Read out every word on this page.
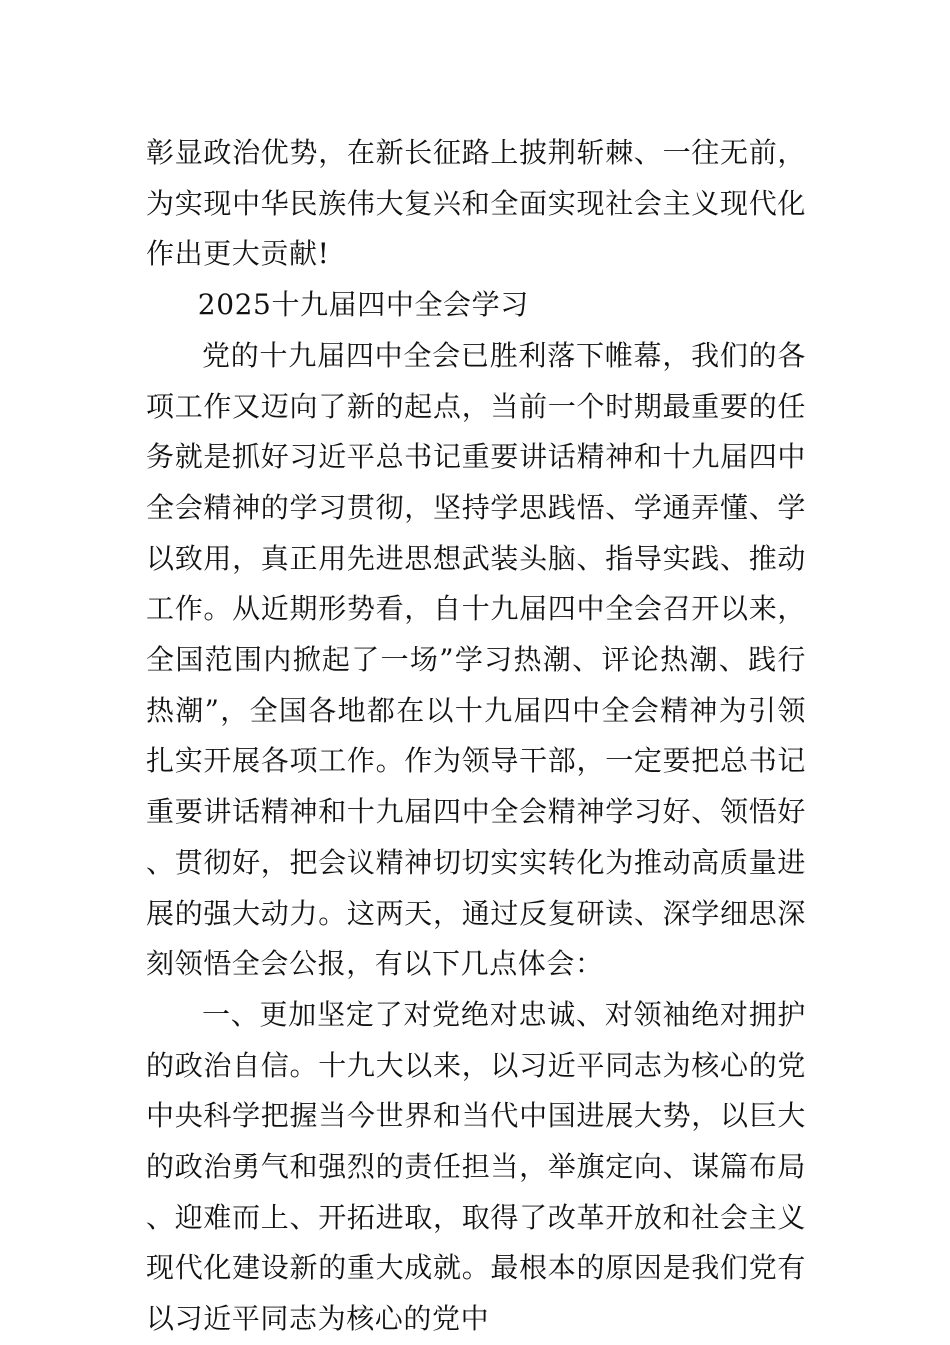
彰显政治优势，在新长征路上披荆斩棘、一往无前，为实现中华民族伟大复兴和全面实现社会主义现代化作出更大贡献!

2025十九届四中全会学习

党的十九届四中全会已胜利落下帷幕，我们的各项工作又迈向了新的起点，当前一个时期最重要的任务就是抓好习近平总书记重要讲话精神和十九届四中全会精神的学习贯彻，坚持学思践悟、学通弄懂、学以致用，真正用先进思想武装头脑、指导实践、推动工作。从近期形势看，自十九届四中全会召开以来，全国范围内掀起了一场”学习热潮、评论热潮、践行热潮”，全国各地都在以十九届四中全会精神为引领扎实开展各项工作。作为领导干部，一定要把总书记重要讲话精神和十九届四中全会精神学习好、领悟好、贯彻好，把会议精神切切实实转化为推动高质量进展的强大动力。这两天，通过反复研读、深学细思深刻领悟全会公报，有以下几点体会：

一、更加坚定了对党绝对忠诚、对领袖绝对拥护的政治自信。十九大以来，以习近平同志为核心的党中央科学把握当今世界和当代中国进展大势，以巨大的政治勇气和强烈的责任担当，举旗定向、谋篇布局、迎难而上、开拓进取，取得了改革开放和社会主义现代化建设新的重大成就。最根本的原因是我们党有以习近平同志为核心的党中
